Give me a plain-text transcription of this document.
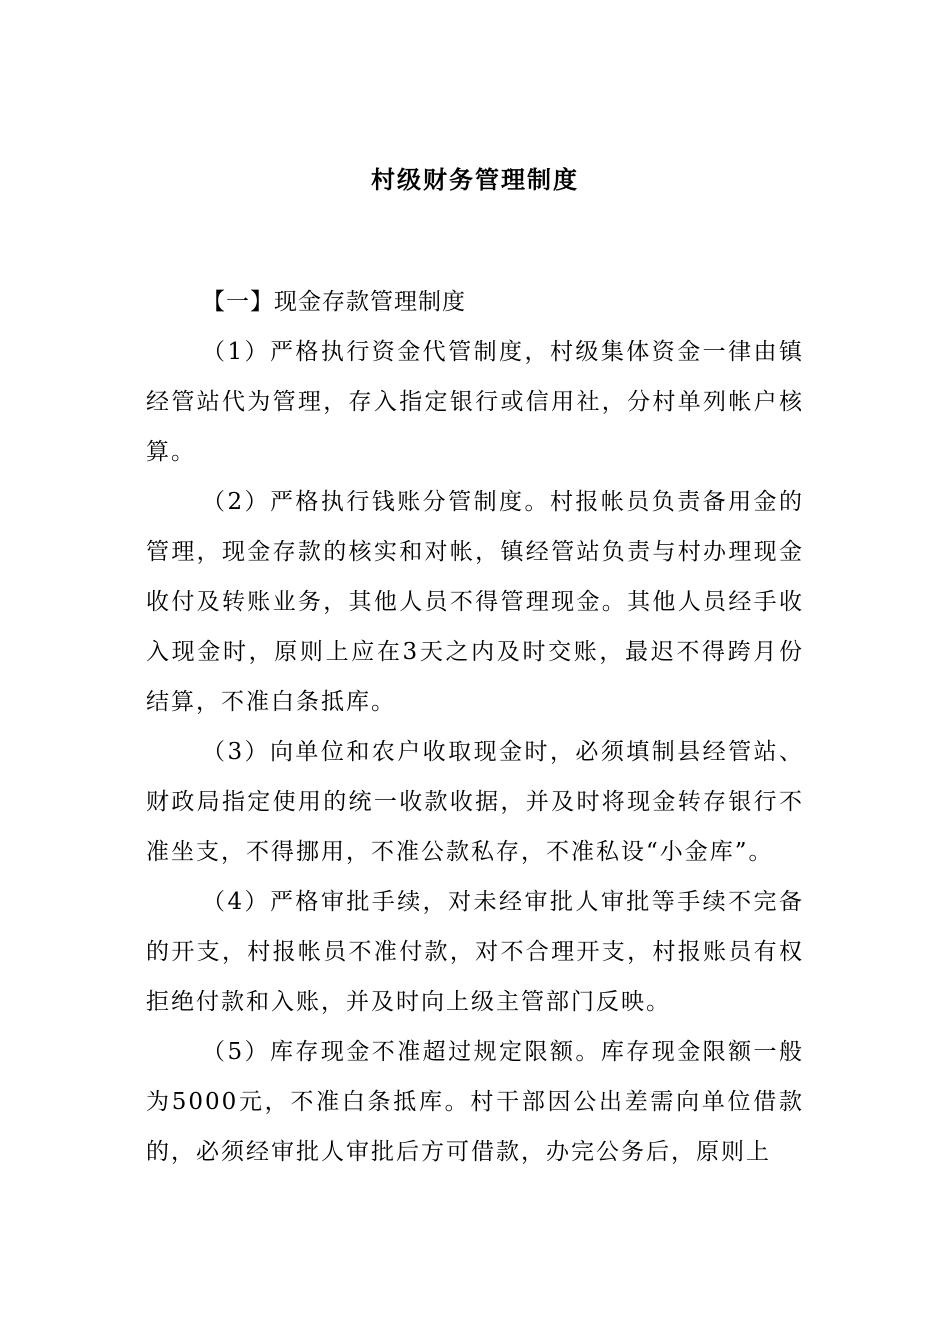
村级财务管理制度

【一】现金存款管理制度

（1）严格执行资金代管制度，村级集体资金一律由镇经管站代为管理，存入指定银行或信用社，分村单列帐户核算。

（2）严格执行钱账分管制度。村报帐员负责备用金的管理，现金存款的核实和对帐，镇经管站负责与村办理现金收付及转账业务，其他人员不得管理现金。其他人员经手收入现金时，原则上应在3天之内及时交账，最迟不得跨月份结算，不准白条抵库。

（3）向单位和农户收取现金时，必须填制县经管站、财政局指定使用的统一收款收据，并及时将现金转存银行不准坐支，不得挪用，不准公款私存，不准私设“小金库”。

（4）严格审批手续，对未经审批人审批等手续不完备的开支，村报帐员不准付款，对不合理开支，村报账员有权拒绝付款和入账，并及时向上级主管部门反映。

（5）库存现金不准超过规定限额。库存现金限额一般为5000元，不准白条抵库。村干部因公出差需向单位借款的，必须经审批人审批后方可借款，办完公务后，原则上
